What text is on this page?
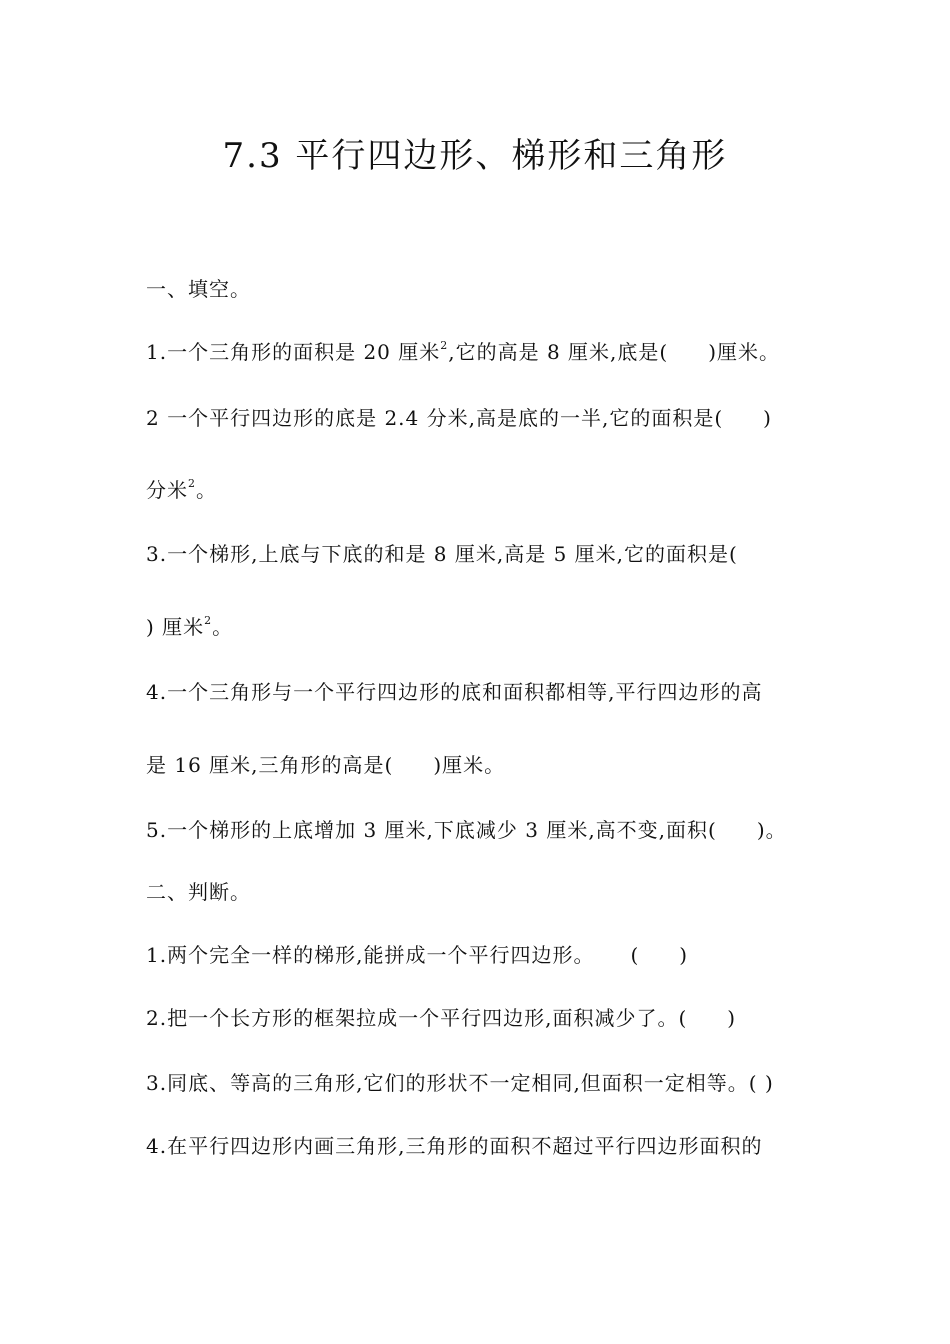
7.3 平行四边形、梯形和三角形
一、填空。
1.一个三角形的面积是 20 厘米$^2$,它的高是 8 厘米,底是( )厘米。
2 一个平行四边形的底是 2.4 分米,高是底的一半,它的面积是( )
分米$^2$。
3.一个梯形,上底与下底的和是 8 厘米,高是 5 厘米,它的面积是(
) 厘米$^2$。
4.一个三角形与一个平行四边形的底和面积都相等,平行四边形的高
是 16 厘米,三角形的高是( )厘米。
5.一个梯形的上底增加 3 厘米,下底减少 3 厘米,高不变,面积( )。
二、判断。
1.两个完全一样的梯形,能拼成一个平行四边形。 ( )
2.把一个长方形的框架拉成一个平行四边形,面积减少了。( )
3.同底、等高的三角形,它们的形状不一定相同,但面积一定相等。( )
4.在平行四边形内画三角形,三角形的面积不超过平行四边形面积的
